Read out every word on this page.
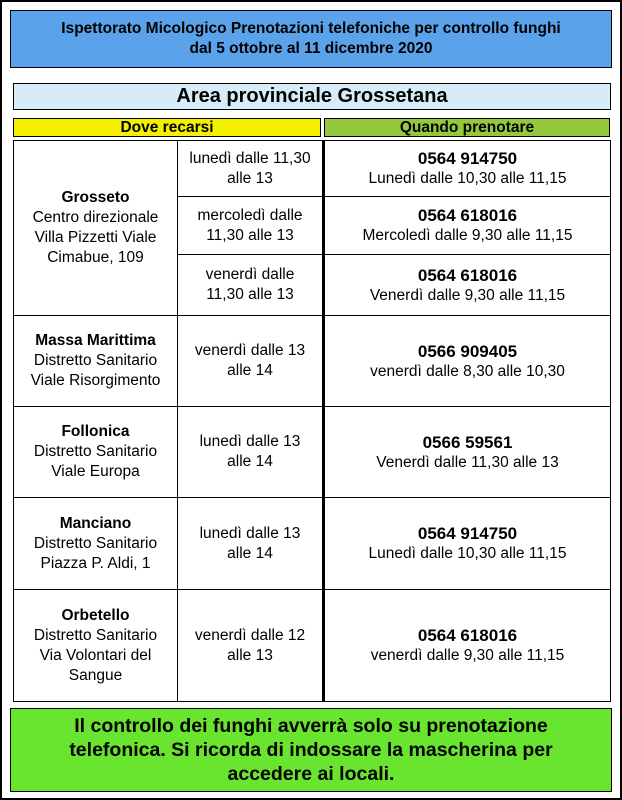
Ispettorato Micologico Prenotazioni telefoniche per controllo funghi
dal 5 ottobre al 11 dicembre 2020
Area provinciale Grossetana
Dove recarsi	Quando prenotare
Grosseto
Centro direzionale
Villa Pizzetti Viale
Cimabue, 109
Massa Marittima
Distretto Sanitario
Viale Risorgimento
Follonica
Distretto Sanitario
Viale Europa
Manciano
Distretto Sanitario
Piazza P. Aldi, 1
Orbetello
Distretto Sanitario
Via Volontari del
Sangue
lunedì dalle 11,30
alle 13
mercoledì dalle
11,30 alle 13
venerdì dalle
11,30 alle 13
venerdì dalle 13
alle 14
lunedì dalle 13
alle 14
lunedì dalle 13
alle 14
venerdì dalle 12
alle 13
0564 914750
Lunedì dalle 10,30 alle 11,15
0564 618016
Mercoledì dalle 9,30 alle 11,15
0564 618016
Venerdì dalle 9,30 alle 11,15
0566 909405
venerdì dalle 8,30 alle 10,30
0566 59561
Venerdì dalle 11,30 alle 13
0564 914750
Lunedì dalle 10,30 alle 11,15
0564 618016
venerdì dalle 9,30 alle 11,15
Il controllo dei funghi avverrà solo su prenotazione
telefonica. Si ricorda di indossare la mascherina per
accedere ai locali.
